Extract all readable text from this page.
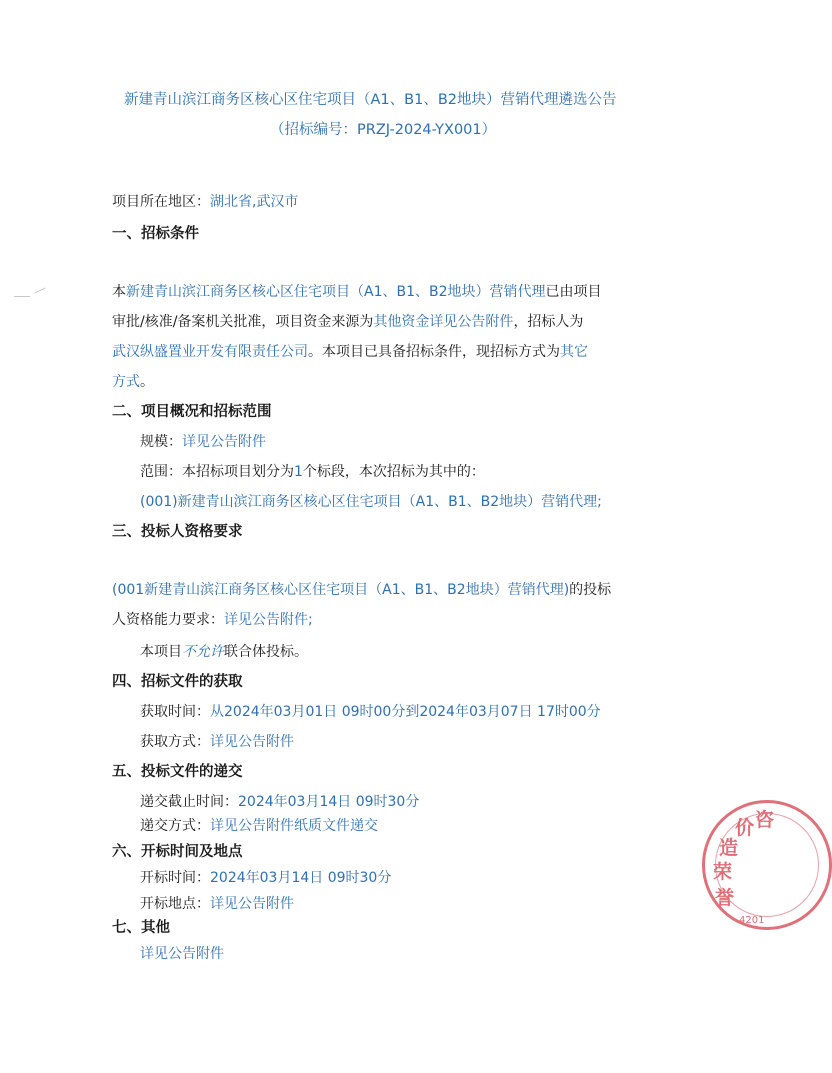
新建青山滨江商务区核心区住宅项目（A1、B1、B2地块）营销代理遴选公告
（招标编号：PRZJ-2024-YX001）
项目所在地区：湖北省,武汉市
一、招标条件
本新建青山滨江商务区核心区住宅项目（A1、B1、B2地块）营销代理已由项目
审批/核准/备案机关批准，项目资金来源为其他资金详见公告附件，招标人为
武汉纵盛置业开发有限责任公司。本项目已具备招标条件，现招标方式为其它
方式。
二、项目概况和招标范围
规模：详见公告附件
范围：本招标项目划分为1个标段，本次招标为其中的：
(001)新建青山滨江商务区核心区住宅项目（A1、B1、B2地块）营销代理;
三、投标人资格要求
(001新建青山滨江商务区核心区住宅项目（A1、B1、B2地块）营销代理)的投标
人资格能力要求：详见公告附件;
本项目不允许联合体投标。
四、招标文件的获取
获取时间：从2024年03月01日 09时00分到2024年03月07日 17时00分
获取方式：详见公告附件
五、投标文件的递交
递交截止时间：2024年03月14日 09时30分
递交方式：详见公告附件纸质文件递交
六、开标时间及地点
开标时间：2024年03月14日 09时30分
开标地点：详见公告附件
七、其他
详见公告附件
誉
荣
造
价 咨
4201
